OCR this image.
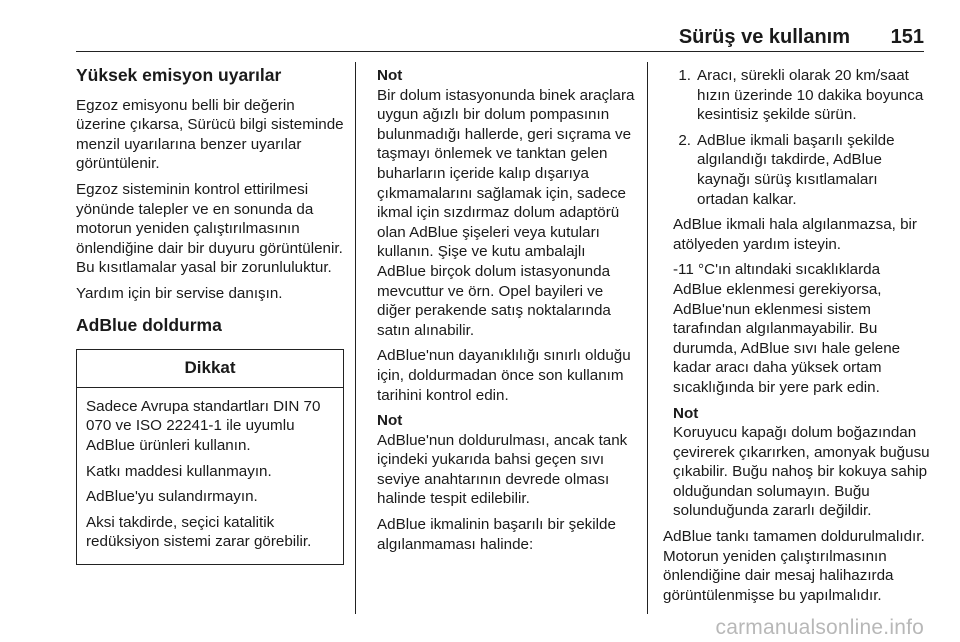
Sürüş ve kullanım 151
Yüksek emisyon uyarılar

Egzoz emisyonu belli bir değerin üzerine çıkarsa, Sürücü bilgi sisteminde menzil uyarılarına benzer uyarılar görüntülenir.

Egzoz sisteminin kontrol ettirilmesi yönünde talepler ve en sonunda da motorun yeniden çalıştırılmasının önlendiğine dair bir duyuru görüntülenir. Bu kısıtlamalar yasal bir zorunluluktur.

Yardım için bir servise danışın.

AdBlue doldurma
Dikkat

Sadece Avrupa standartları DIN 70 070 ve ISO 22241-1 ile uyumlu AdBlue ürünleri kullanın.

Katkı maddesi kullanmayın.

AdBlue'yu sulandırmayın.

Aksi takdirde, seçici katalitik redüksiyon sistemi zarar görebilir.

Not

Bir dolum istasyonunda binek araçlara uygun ağızlı bir dolum pompasının bulunmadığı hallerde, geri sıçrama ve taşmayı önlemek ve tanktan gelen buharların içeride kalıp dışarıya çıkmamalarını sağlamak için, sadece ikmal için sızdırmaz dolum adaptörü olan AdBlue şişeleri veya kutuları kullanın. Şişe ve kutu ambalajlı AdBlue birçok dolum istasyonunda mevcuttur ve örn. Opel bayileri ve diğer perakende satış noktalarında satın alınabilir.

AdBlue'nun dayanıklılığı sınırlı olduğu için, doldurmadan önce son kullanım tarihini kontrol edin.

Not

AdBlue'nun doldurulması, ancak tank içindeki yukarıda bahsi geçen sıvı seviye anahtarının devrede olması halinde tespit edilebilir.

AdBlue ikmalinin başarılı bir şekilde algılanmaması halinde:

1. Aracı, sürekli olarak 20 km/saat hızın üzerinde 10 dakika boyunca kesintisiz şekilde sürün.
2. AdBlue ikmali başarılı şekilde algılandığı takdirde, AdBlue kaynağı sürüş kısıtlamaları ortadan kalkar.

AdBlue ikmali hala algılanmazsa, bir atölyeden yardım isteyin.

-11 °C'ın altındaki sıcaklıklarda AdBlue eklenmesi gerekiyorsa, AdBlue'nun eklenmesi sistem tarafından algılanmayabilir. Bu durumda, AdBlue sıvı hale gelene kadar aracı daha yüksek ortam sıcaklığında bir yere park edin.

Not

Koruyucu kapağı dolum boğazından çevirerek çıkarırken, amonyak buğusu çıkabilir. Buğu nahoş bir kokuya sahip olduğundan solumayın. Buğu solunduğunda zararlı değildir.

AdBlue tankı tamamen doldurulmalıdır. Motorun yeniden çalıştırılmasının önlendiğine dair mesaj halihazırda görüntülenmişse bu yapılmalıdır.

carmanualsonline.info
